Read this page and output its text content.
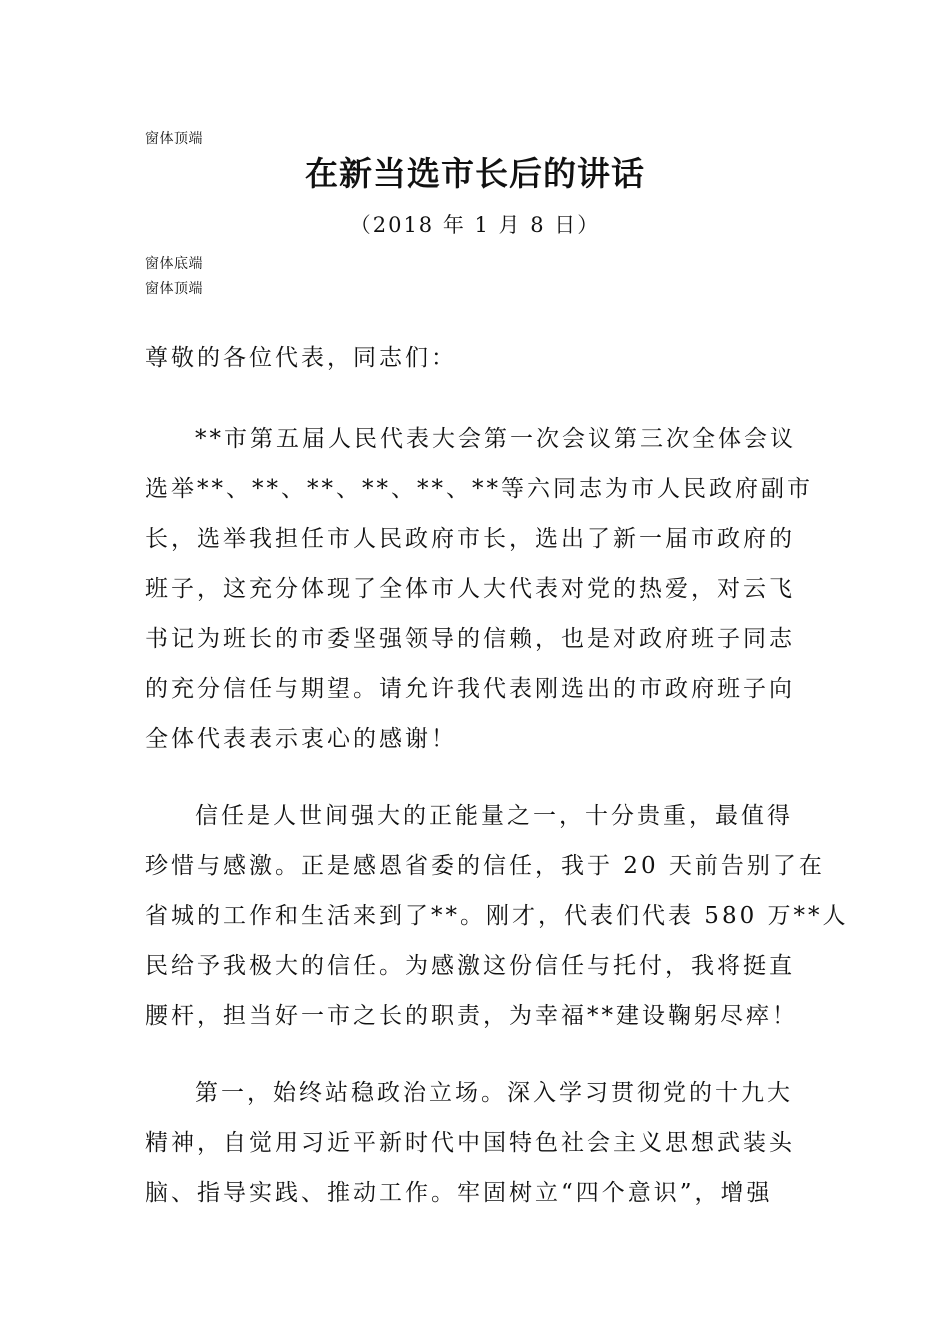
窗体顶端
在新当选市长后的讲话
（2018 年 1 月 8 日）
窗体底端
窗体顶端
尊敬的各位代表，同志们：
**市第五届人民代表大会第一次会议第三次全体会议
选举**、**、**、**、**、**等六同志为市人民政府副市
长，选举我担任市人民政府市长，选出了新一届市政府的
班子，这充分体现了全体市人大代表对党的热爱，对云飞
书记为班长的市委坚强领导的信赖，也是对政府班子同志
的充分信任与期望。请允许我代表刚选出的市政府班子向
全体代表表示衷心的感谢！
信任是人世间强大的正能量之一，十分贵重，最值得
珍惜与感激。正是感恩省委的信任，我于 20 天前告别了在
省城的工作和生活来到了**。刚才，代表们代表 580 万**人
民给予我极大的信任。为感激这份信任与托付，我将挺直
腰杆，担当好一市之长的职责，为幸福**建设鞠躬尽瘁！
第一，始终站稳政治立场。深入学习贯彻党的十九大
精神，自觉用习近平新时代中国特色社会主义思想武装头
脑、指导实践、推动工作。牢固树立“四个意识”，增强
